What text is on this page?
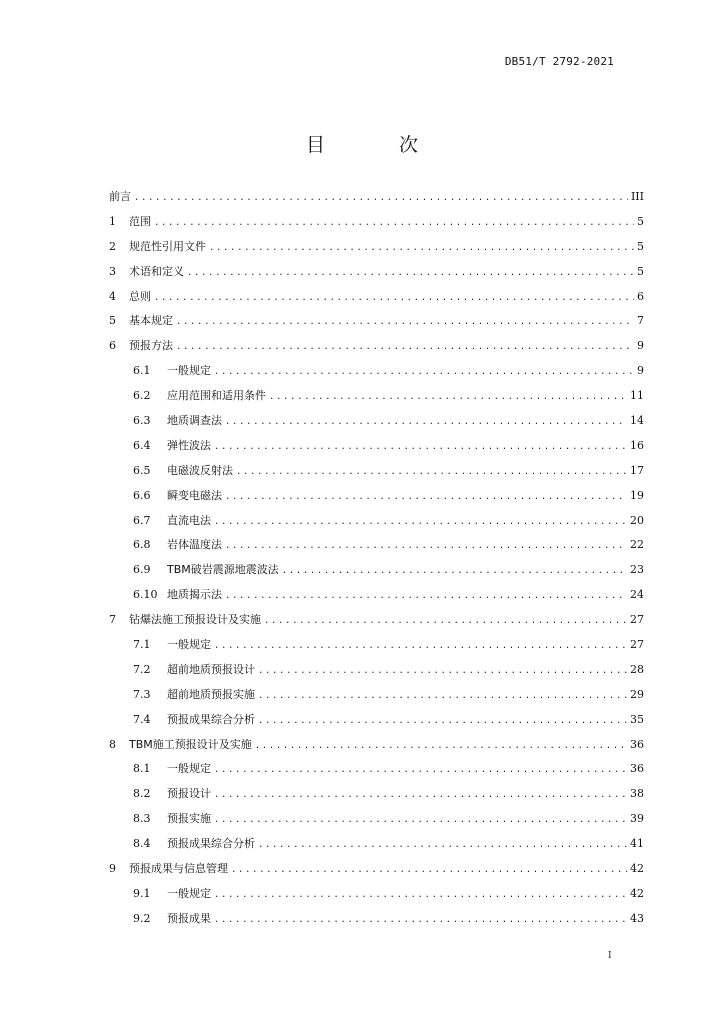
DB51/T 2792-2021
目 次
前言 .....	III
1	范围 .....	5
2	规范性引用文件 .....	5
3	术语和定义 .....	5
4	总则 .....	6
5	基本规定 .....	7
6	预报方法 .....	9
6.1	一般规定 .....	9
6.2	应用范围和适用条件 .....	11
6.3	地质调查法 .....	14
6.4	弹性波法 .....	16
6.5	电磁波反射法 .....	17
6.6	瞬变电磁法 .....	19
6.7	直流电法 .....	20
6.8	岩体温度法 .....	22
6.9	TBM破岩震源地震波法 .....	23
6.10 地质揭示法 .....	24
7	钻爆法施工预报设计及实施 .....	27
7.1	一般规定 .....	27
7.2	超前地质预报设计 .....	28
7.3	超前地质预报实施 .....	29
7.4	预报成果综合分析 .....	35
8	TBM施工预报设计及实施 .....	36
8.1	一般规定 .....	36
8.2	预报设计 .....	38
8.3	预报实施 .....	39
8.4	预报成果综合分析 .....	41
9	预报成果与信息管理 .....	42
9.1	一般规定 .....	42
9.2	预报成果 .....	43
I
